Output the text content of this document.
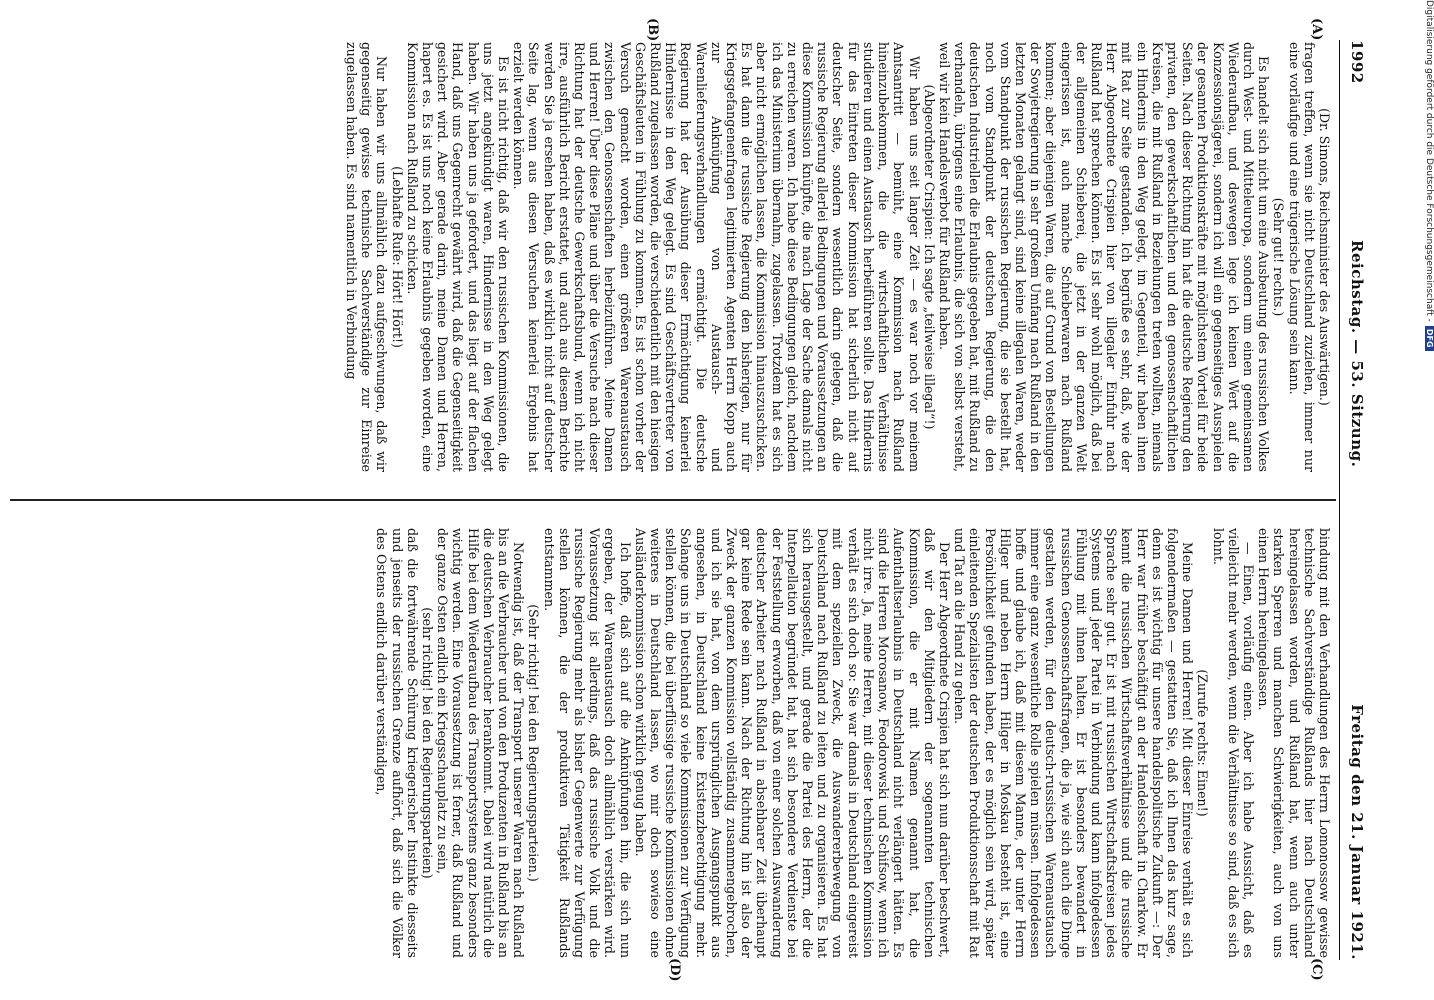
1992
Reichstag. — 53. Sitzung.
Freitag den 21. Januar 1921.
(A)
(B)
(C)
(D)

(Dr. Simons, Reichsminister des Auswärtigen.)

fragen treffen, wenn sie nicht Deutschland zuziehen, immer nur eine vorläufige und eine trügerische Lösung sein kann.

(Sehr gut! rechts.)

Es handelt sich nicht um eine Ausbeutung des russischen Volkes durch West- und Mitteleuropa, sondern um einen gemeinsamen Wiederaufbau, und deswegen lege ich keinen Wert auf die Konzessionsjägerei, sondern ich will ein gegenseitiges Ausspielen der gesamten Produktionskräfte mit möglichstem Vorteil für beide Seiten. Nach dieser Richtung hin hat die deutsche Regierung den privaten, den gewerkschaftlichen und den genossenschaftlichen Kreisen, die mit Rußland in Beziehungen treten wollten, niemals ein Hindernis in den Weg gelegt, im Gegenteil, wir haben ihnen mit Rat zur Seite gestanden. Ich begrüße es sehr, daß, wie der Herr Abgeordnete Crispien hier von illegaler Einfuhr nach Rußland hat sprechen können. Es ist sehr wohl möglich, daß bei der allgemeinen Schieberei, die jetzt in der ganzen Welt eingerissen ist, auch manche Schieberwaren nach Rußland kommen; aber diejenigen Waren, die auf Grund von Bestellungen der Sowjetregierung in sehr großem Umfang nach Rußland in den letzten Monaten gelangt sind, sind keine illegalen Waren, weder vom Standpunkt der russischen Regierung, die sie bestellt hat, noch vom Standpunkt der deutschen Regierung, die den deutschen Industriellen die Erlaubnis gegeben hat, mit Rußland zu verhandeln, übrigens eine Erlaubnis, die sich von selbst versteht, weil wir kein Handelsverbot für Rußland haben.

(Abgeordneter Crispien: Ich sagte „teilweise illegal“!)

Wir haben uns seit langer Zeit — es war noch vor meinem Amtsantritt — bemüht, eine Kommission nach Rußland hineinzubekommen, die die wirtschaftlichen Verhältnisse studieren und einen Austausch herbeiführen sollte. Das Hindernis für das Eintreten dieser Kommission hat sicherlich nicht auf deutscher Seite, sondern wesentlich darin gelegen, daß die russische Regierung allerlei Bedingungen und Voraussetzungen an diese Kommission knüpfte, die nach Lage der Sache damals nicht zu erreichen waren. Ich habe diese Bedingungen gleich, nachdem ich das Ministerium übernahm, zugelassen. Trotzdem hat es sich aber nicht ermöglichen lassen, die Kommission hinauszuschicken. Es hat dann die russische Regierung den bisherigen, nur für Kriegsgefangenenfragen legitimierten Agenten Herrn Kopp auch zur Anknüpfung von Austausch- und Warenlieferungsverhandlungen ermächtigt. Die deutsche Regierung hat der Ausübung dieser Ermächtigung keinerlei Hindernisse in den Weg gelegt. Es sind Geschäftsvertreter von Rußland zugelassen worden, die verschiedentlich mit den hiesigen Geschäftsleuten in Fühlung zu kommen. Es ist schon vorher der Versuch gemacht worden, einen größeren Warenaustausch zwischen den Genossenschaften herbeizuführen. Meine Damen und Herren! Über diese Pläne und über die Versuche nach dieser Richtung hat der deutsche Gewerkschaftsbund, wenn ich nicht irre, ausführlich Bericht erstattet, und auch aus diesem Berichte werden Sie ja ersehen haben, daß es wirklich nicht auf deutscher Seite lag, wenn aus diesen Versuchen keinerlei Ergebnis hat erzielt werden können.

Es ist nicht richtig, daß wir den russischen Kommissionen, die uns jetzt angekündigt waren, Hindernisse in den Weg gelegt haben. Wir haben uns ja gefordert, und das liegt auf der flachen Hand, daß uns Gegenrecht gewährt wird, daß die Gegenseitigkeit gesichert wird. Aber gerade darin, meine Damen und Herren, hapert es. Es ist uns noch keine Erlaubnis gegeben worden, eine Kommission nach Rußland zu schicken.

(Lebhafte Rufe: Hört! Hört!)

Nur haben wir uns allmählich dazu aufgeschwungen, daß wir gegenseitig gewisse technische Sachverständige zur Einreise zugelassen haben. Es sind namentlich in Verbindung

bindung mit den Verhandlungen des Herrn Lomonossow gewisse technische Sachverständige Rußlands hier nach Deutschland hereingelassen worden, und Rußland hat, wenn auch unter starken Sperren und manchen Schwierigkeiten, auch von uns einen Herrn hereingelassen.

— Einen, vorläufig einen. Aber ich habe Aussicht, daß es vielleicht mehr werden, wenn die Verhältnisse so sind, daß es sich lohnt.

(Zurufe rechts: Einen!)

Meine Damen und Herren! Mit dieser Einreise verhält es sich folgendermaßen — gestatten Sie, daß ich Ihnen das kurz sage, denn es ist wichtig für unsere handelspolitische Zukunft —: Der Herr war früher beschäftigt an der Handelsschaft in Charkow. Er kennt die russischen Wirtschaftsverhältnisse und die russische Sprache sehr gut. Er ist mit russischen Wirtschaftskreisen jedes Systems und jeder Partei in Verbindung und kann infolgedessen Fühlung mit ihnen halten. Er ist besonders bewandert in russischen Genossenschaftsfragen, die ja, wie sich auch die Dinge gestalten werden, für den deutsch-russischen Warenaustausch immer eine ganz wesentliche Rolle spielen müssen. Infolgedessen hoffe und glaube ich, daß mit diesem Manne, der unter Herrn Hilger und neben Herrn Hilger in Moskau besteht ist, eine Persönlichkeit gefunden haben, der es möglich sein wird, später einleitenden Spezialisten der deutschen Produktionsschaft mit Rat und Tat an die Hand zu gehen.

Der Herr Abgeordnete Crispien hat sich nun darüber beschwert, daß wir den Mitgliedern der sogenannten technischen Kommission, die er mit Namen genannt hat, die Aufenthaltserlaubnis in Deutschland nicht verlängert hätten. Es sind die Herren Morosanow, Feodorowski und Schifsow, wenn ich nicht irre. Ja, meine Herren, mit dieser technischen Kommission verhält es sich doch so: Sie war damals in Deutschland eingereist mit dem speziellen Zweck, die Auswandererbewegung von Deutschland nach Rußland zu leiten und zu organisieren. Es hat sich herausgestellt, und gerade die Partei des Herrn, der die Interpellation begründet hat, hat sich besondere Verdienste bei der Feststellung erworben, daß von einer solchen Auswanderung deutscher Arbeiter nach Rußland in absehbarer Zeit überhaupt gar keine Rede sein kann. Nach der Richtung hin ist also der Zweck der ganzen Kommission vollständig zusammengebrochen, und ich sie hat, von dem ursprünglichen Ausgangspunkt aus angesehen, in Deutschland keine Existenzberechtigung mehr. Solange uns in Deutschland so viele Kommissionen zur Verfügung stellen können, die bei überflüssige russische Kommissionen ohne weiteres in Deutschland lassen, wo mir doch sowieso eine Ausländerkommission schon wirklich genug haben.

Ich hoffe, daß sich auf die Anknüpfungen hin, die sich nun ergeben, der Warenaustausch doch allmählich verstärken wird. Voraussetzung ist allerdings, daß das russische Volk und die russische Regierung mehr als bisher Gegenwerte zur Verfügung stellen können, die der produktiven Tätigkeit Rußlands entstammen.

(Sehr richtig! bei den Regierungsparteien.)

Notwendig ist, daß der Transport unserer Waren nach Rußland bis an die Verbraucher und von den Produzenten in Rußland bis an die deutschen Verbraucher herankommt. Dabei wird natürlich die Hilfe bei dem Wiederaufbau des Transportsystems ganz besonders wichtig werden. Eine Voraussetzung ist ferner, daß Rußland und der ganze Osten endlich ein Kriegsschauplatz zu sein,

(sehr richtig! bei den Regierungsparteien)

daß die fortwährende Schürung kriegerischer Instinkte diesseits und jenseits der russischen Grenze aufhört, daß sich die Völker des Ostens endlich darüber verständigen,

Digitalisierung gefördert durch die Deutsche Forschungsgemeinschaft -DFG
